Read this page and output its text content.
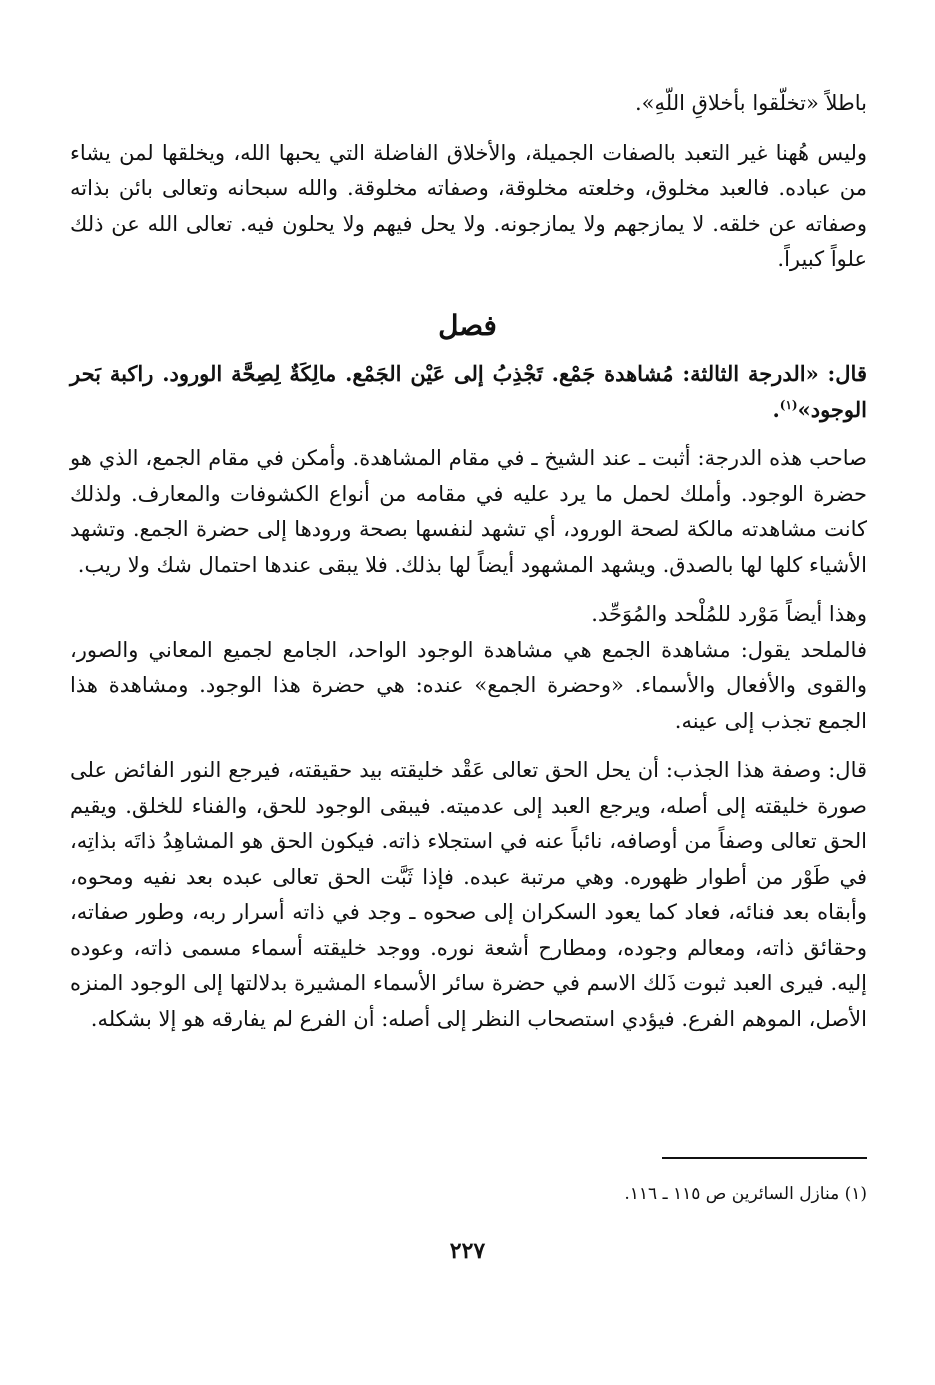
باطلاً «تخلّقوا بأخلاقِ اللّهِ».

وليس هُهنا غير التعبد بالصفات الجميلة، والأخلاق الفاضلة التي يحبها الله، ويخلقها لمن يشاء من عباده. فالعبد مخلوق، وخلعته مخلوقة، وصفاته مخلوقة. والله سبحانه وتعالى بائن بذاته وصفاته عن خلقه. لا يمازجهم ولا يمازجونه. ولا يحل فيهم ولا يحلون فيه. تعالى الله عن ذلك علواً كبيراً.

فصل

قال: «الدرجة الثالثة: مُشاهدة جَمْع. تَجْذِبُ إلى عَيْن الجَمْع. مالِكَةٌ لِصِحَّة الورود. راكبة بَحر الوجود»$^{(١)}$.

صاحب هذه الدرجة: أثبت ـ عند الشيخ ـ في مقام المشاهدة. وأمكن في مقام الجمع، الذي هو حضرة الوجود. وأملك لحمل ما يرد عليه في مقامه من أنواع الكشوفات والمعارف. ولذلك كانت مشاهدته مالكة لصحة الورود، أي تشهد لنفسها بصحة ورودها إلى حضرة الجمع. وتشهد الأشياء كلها لها بالصدق. ويشهد المشهود أيضاً لها بذلك. فلا يبقى عندها احتمال شك ولا ريب.

وهذا أيضاً مَوْرد للمُلْحد والمُوَحِّد.

فالملحد يقول: مشاهدة الجمع هي مشاهدة الوجود الواحد، الجامع لجميع المعاني والصور، والقوى والأفعال والأسماء. «وحضرة الجمع» عنده: هي حضرة هذا الوجود. ومشاهدة هذا الجمع تجذب إلى عينه.

قال: وصفة هذا الجذب: أن يحل الحق تعالى عَقْد خليقته بيد حقيقته، فيرجع النور الفائض على صورة خليقته إلى أصله، ويرجع العبد إلى عدميته. فيبقى الوجود للحق، والفناء للخلق. ويقيم الحق تعالى وصفاً من أوصافه، نائباً عنه في استجلاء ذاته. فيكون الحق هو المشاهِدُ ذاتَه بذاتِه، في طَوْر من أطوار ظهوره. وهي مرتبة عبده. فإذا ثَبَّت الحق تعالى عبده بعد نفيه ومحوه، وأبقاه بعد فنائه، فعاد كما يعود السكران إلى صحوه ـ وجد في ذاته أسرار ربه، وطور صفاته، وحقائق ذاته، ومعالم وجوده، ومطارح أشعة نوره. ووجد خليقته أسماء مسمى ذاته، وعوده إليه. فيرى العبد ثبوت ذَلك الاسم في حضرة سائر الأسماء المشيرة بدلالتها إلى الوجود المنزه الأصل، الموهم الفرع. فيؤدي استصحاب النظر إلى أصله: أن الفرع لم يفارقه هو إلا بشكله.

(١) منازل السائرين ص ١١٥ ـ ١١٦.
٢٢٧
